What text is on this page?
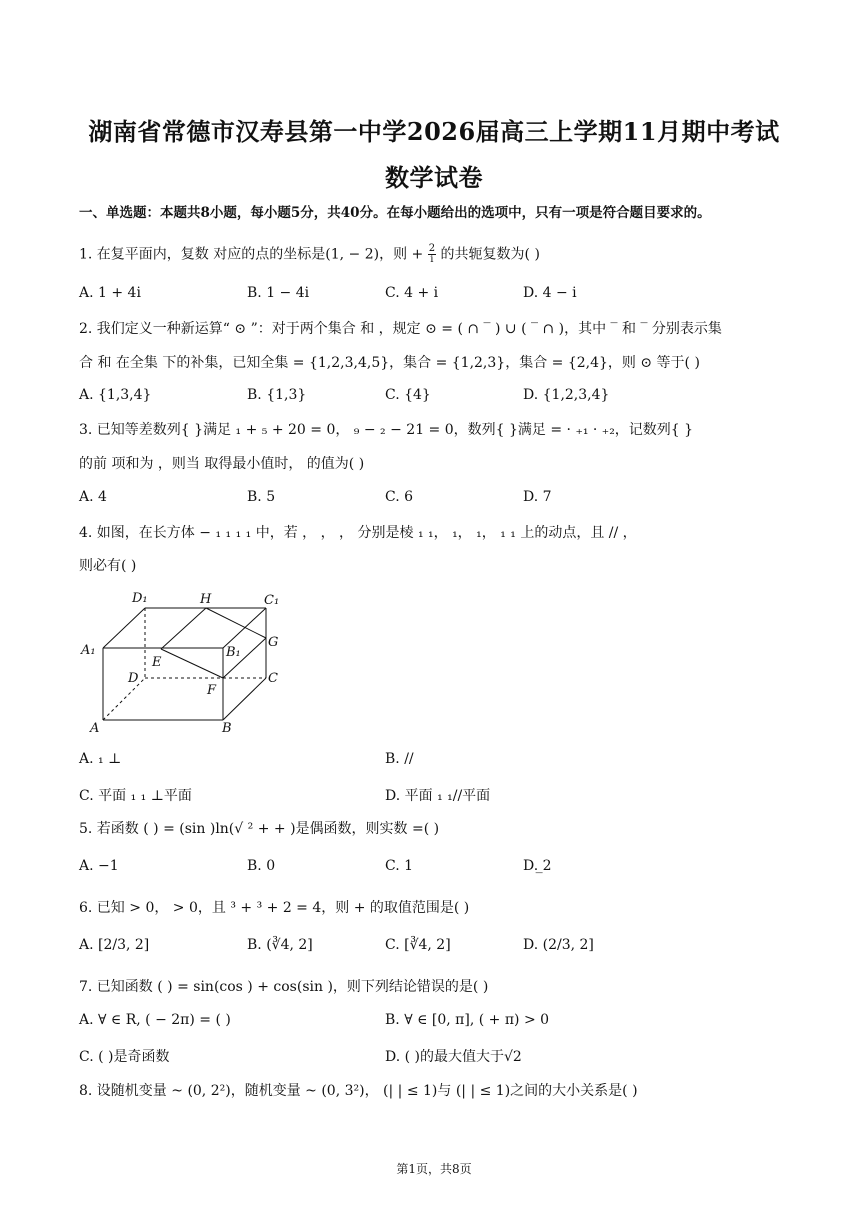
湖南省常德市汉寿县第一中学2026届高三上学期11月期中考试
数学试卷
一、单选题：本题共8小题，每小题5分，共40分。在每小题给出的选项中，只有一项是符合题目要求的。
1. 在复平面内，复数 对应的点的坐标是(1, − 2)，则 + $\frac{2}{i}$ 的共轭复数为( )
A. 1 + 4i	B. 1 − 4i	C. 4 + i	D. 4 − i
2. 我们定义一种新运算“ ⊙ ”：对于两个集合 和 ，规定 ⊙ = ( ∩ ‾ ) ∪ ( ‾ ∩ )，其中 ‾ 和 ‾ 分别表示集
合 和 在全集 下的补集，已知全集 = {1,2,3,4,5}，集合 = {1,2,3}，集合 = {2,4}，则 ⊙ 等于( )
A. {1,3,4}	B. {1,3}	C. {4}	D. {1,2,3,4}
3. 已知等差数列{ }满足 ₁ + ₅ + 20 = 0， ₉ − ₂ − 21 = 0，数列{ }满足 = · ₊₁ · ₊₂，记数列{ }
的前 项和为 ，则当 取得最小值时， 的值为( )
A. 4	B. 5	C. 6	D. 7
4. 如图，在长方体 − ₁ ₁ ₁ ₁ 中，若 ， ， ， 分别是棱 ₁ ₁， ₁， ₁， ₁ ₁ 上的动点，且 // ，
则必有( )
D₁	H	C₁
A₁
E
B₁
G
D	C
F
A	B
A. ₁ ⊥	B. //
C. 平面 ₁ ₁ ⊥平面	D. 平面 ₁ ₁//平面
5. 若函数 ( ) = (sin )ln(√ ² + + )是偶函数，则实数 =( )
A. −1	B. 0	C. 1	D. ̲2
6. 已知 > 0， > 0，且 ³ + ³ + 2 = 4，则 + 的取值范围是( )
A. [2/3, 2]	B. (∛4, 2]	C. [∛4, 2]	D. (2/3, 2]
7. 已知函数 ( ) = sin(cos ) + cos(sin )，则下列结论错误的是( )
A. ∀ ∈ R, ( − 2π) = ( )	B. ∀ ∈ [0, π], ( + π) > 0
C. ( )是奇函数	D. ( )的最大值大于√2
8. 设随机变量 ~ (0, 2²)，随机变量 ~ (0, 3²)， (| | ≤ 1)与 (| | ≤ 1)之间的大小关系是( )
第1页，共8页
